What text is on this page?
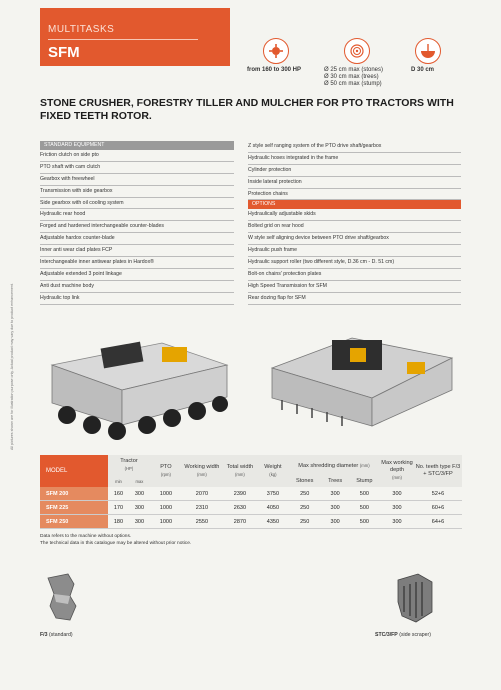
MULTITASKS
SFM
from 160 to 300 HP	Ø 25 cm max (stones)
Ø 30 cm max (trees)
Ø 50 cm max (stump)
D 30 cm
STONE CRUSHER, FORESTRY TILLER AND MULCHER FOR PTO TRACTORS WITH FIXED TEETH ROTOR.
All pictures shown are for illustration purpose only. Actual product may vary due to product enhancement.
STANDARD EQUIPMENT
Friction clutch on side pto
PTO shaft with cam clutch
Gearbox with freewheel
Transmission with side gearbox
Side gearbox with oil cooling system
Hydraulic rear hood
Forged and hardened interchangeable counter-blades
Adjustable hardox counter-blade
Inner anti wear clad plates FCP
Interchangeable inner antiwear plates in Hardox®
Adjustable extended 3 point linkage
Anti dust machine body
Hydraulic top link
Z style self ranging system of the PTO drive shaft/gearbox
Hydraulic hoses integrated in the frame
Cylinder protection
Inside lateral protection
Protection chains
OPTIONS
Hydraulically adjustable skids
Bolted grid on rear hood
W style self aligning device between PTO drive shaft/gearbox
Hydraulic push frame
Hydraulic support roller (two different style, D.36 cm - D. 51 cm)
Bolt-on chains' protection plates
High Speed Transmission for SFM
Rear dozing flap for SFM
MODEL	Tractor
(HP)		PTO
(rpm)	Working width
(mm)	Total width
(mm)	Weight
(kg)	Max shredding diameter (mm)			Max working depth
(mm)	No. teeth type F/3 + STC/3/FP
	min	max					Stones	Trees	Stump		
SFM 200	160	300	1000	2070	2390	3750	250	300	500	300	52+6
SFM 225	170	300	1000	2310	2630	4050	250	300	500	300	60+6
SFM 250	180	300	1000	2550	2870	4350	250	300	500	300	64+6
Data refers to the machine without options.
The technical data in this catalogue may be altered without prior notice.
F/3 (standard)	STC/3/FP (side scraper)
